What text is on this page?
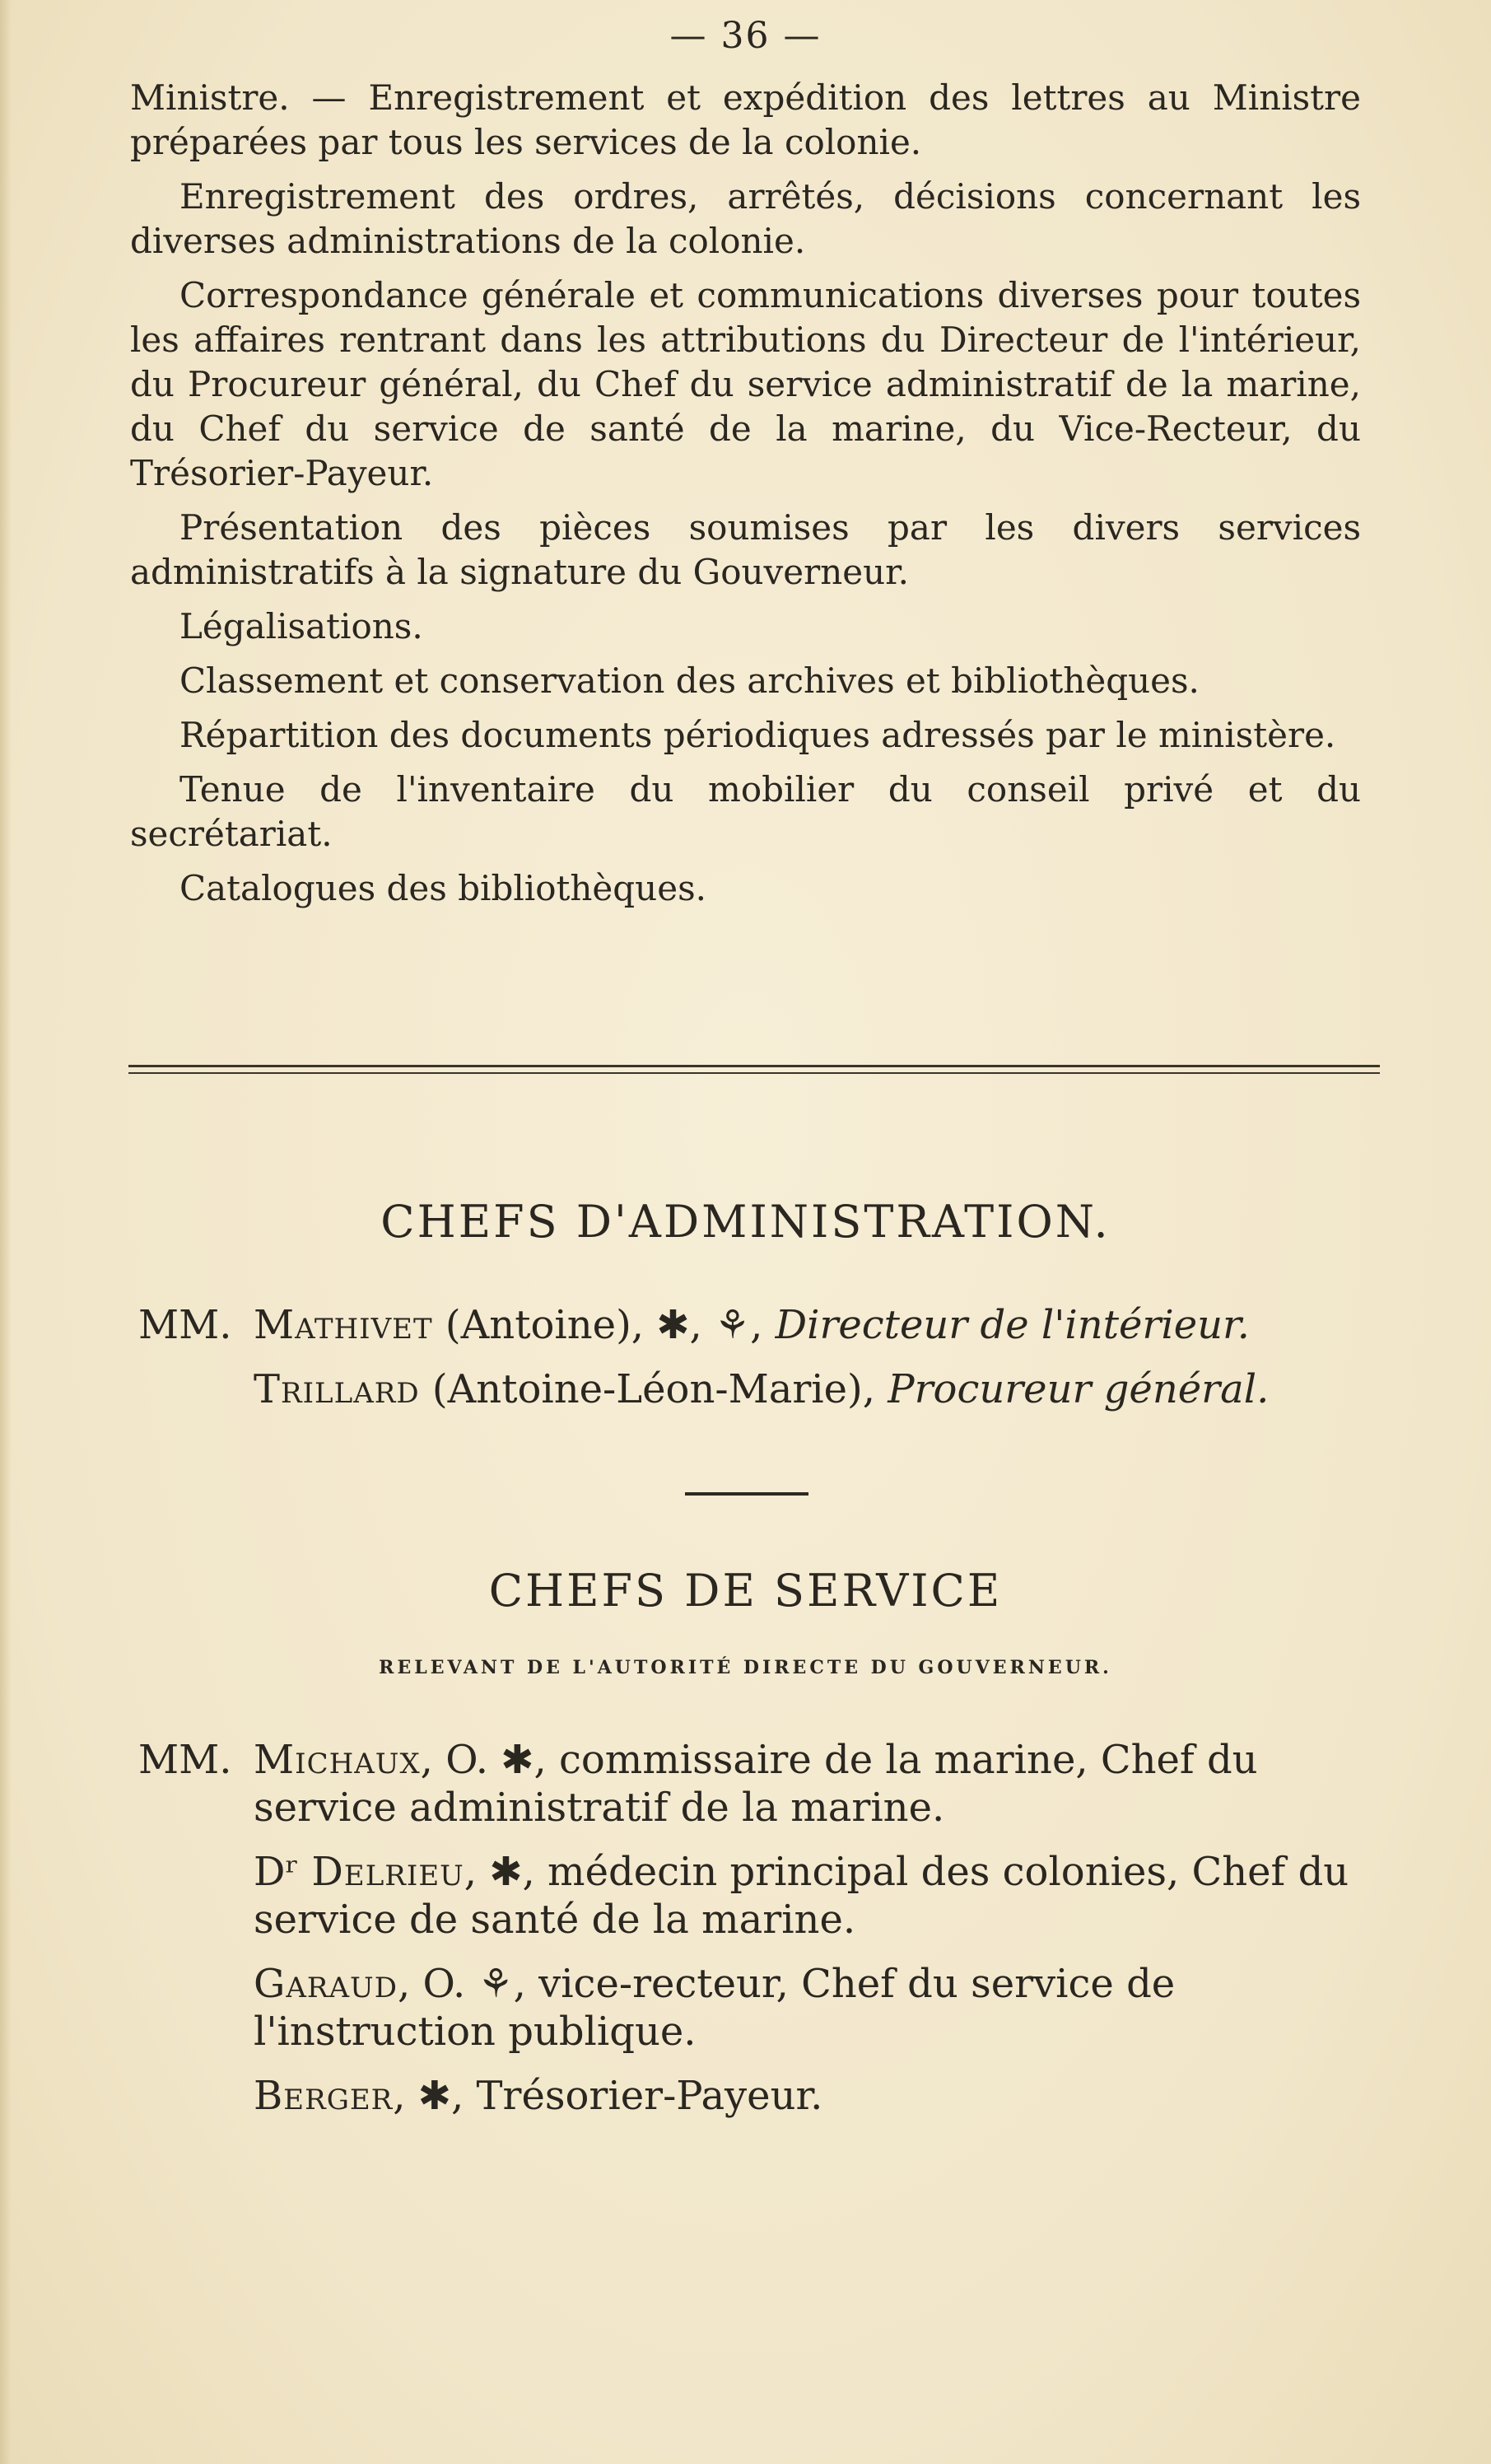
— 36 —

Ministre. — Enregistrement et expédition des lettres au Ministre préparées par tous les services de la colonie.

Enregistrement des ordres, arrêtés, décisions concernant les diverses administrations de la colonie.

Correspondance générale et communications diverses pour toutes les affaires rentrant dans les attributions du Directeur de l'intérieur, du Procureur général, du Chef du service administratif de la marine, du Chef du service de santé de la marine, du Vice-Recteur, du Trésorier-Payeur.

Présentation des pièces soumises par les divers services administratifs à la signature du Gouverneur.

Légalisations.

Classement et conservation des archives et bibliothèques.

Répartition des documents périodiques adressés par le ministère.

Tenue de l'inventaire du mobilier du conseil privé et du secrétariat.

Catalogues des bibliothèques.

CHEFS D'ADMINISTRATION.
MM. Mathivet (Antoine), ✱, ⚘, Directeur de l'intérieur.
Trillard (Antoine-Léon-Marie), Procureur général.
CHEFS DE SERVICE
RELEVANT DE L'AUTORITÉ DIRECTE DU GOUVERNEUR.
MM. Michaux, O. ✱, commissaire de la marine, Chef du service administratif de la marine.
Dʳ Delrieu, ✱, médecin principal des colonies, Chef du service de santé de la marine.
Garaud, O. ⚘, vice-recteur, Chef du service de l'instruction publique.
Berger, ✱, Trésorier-Payeur.
